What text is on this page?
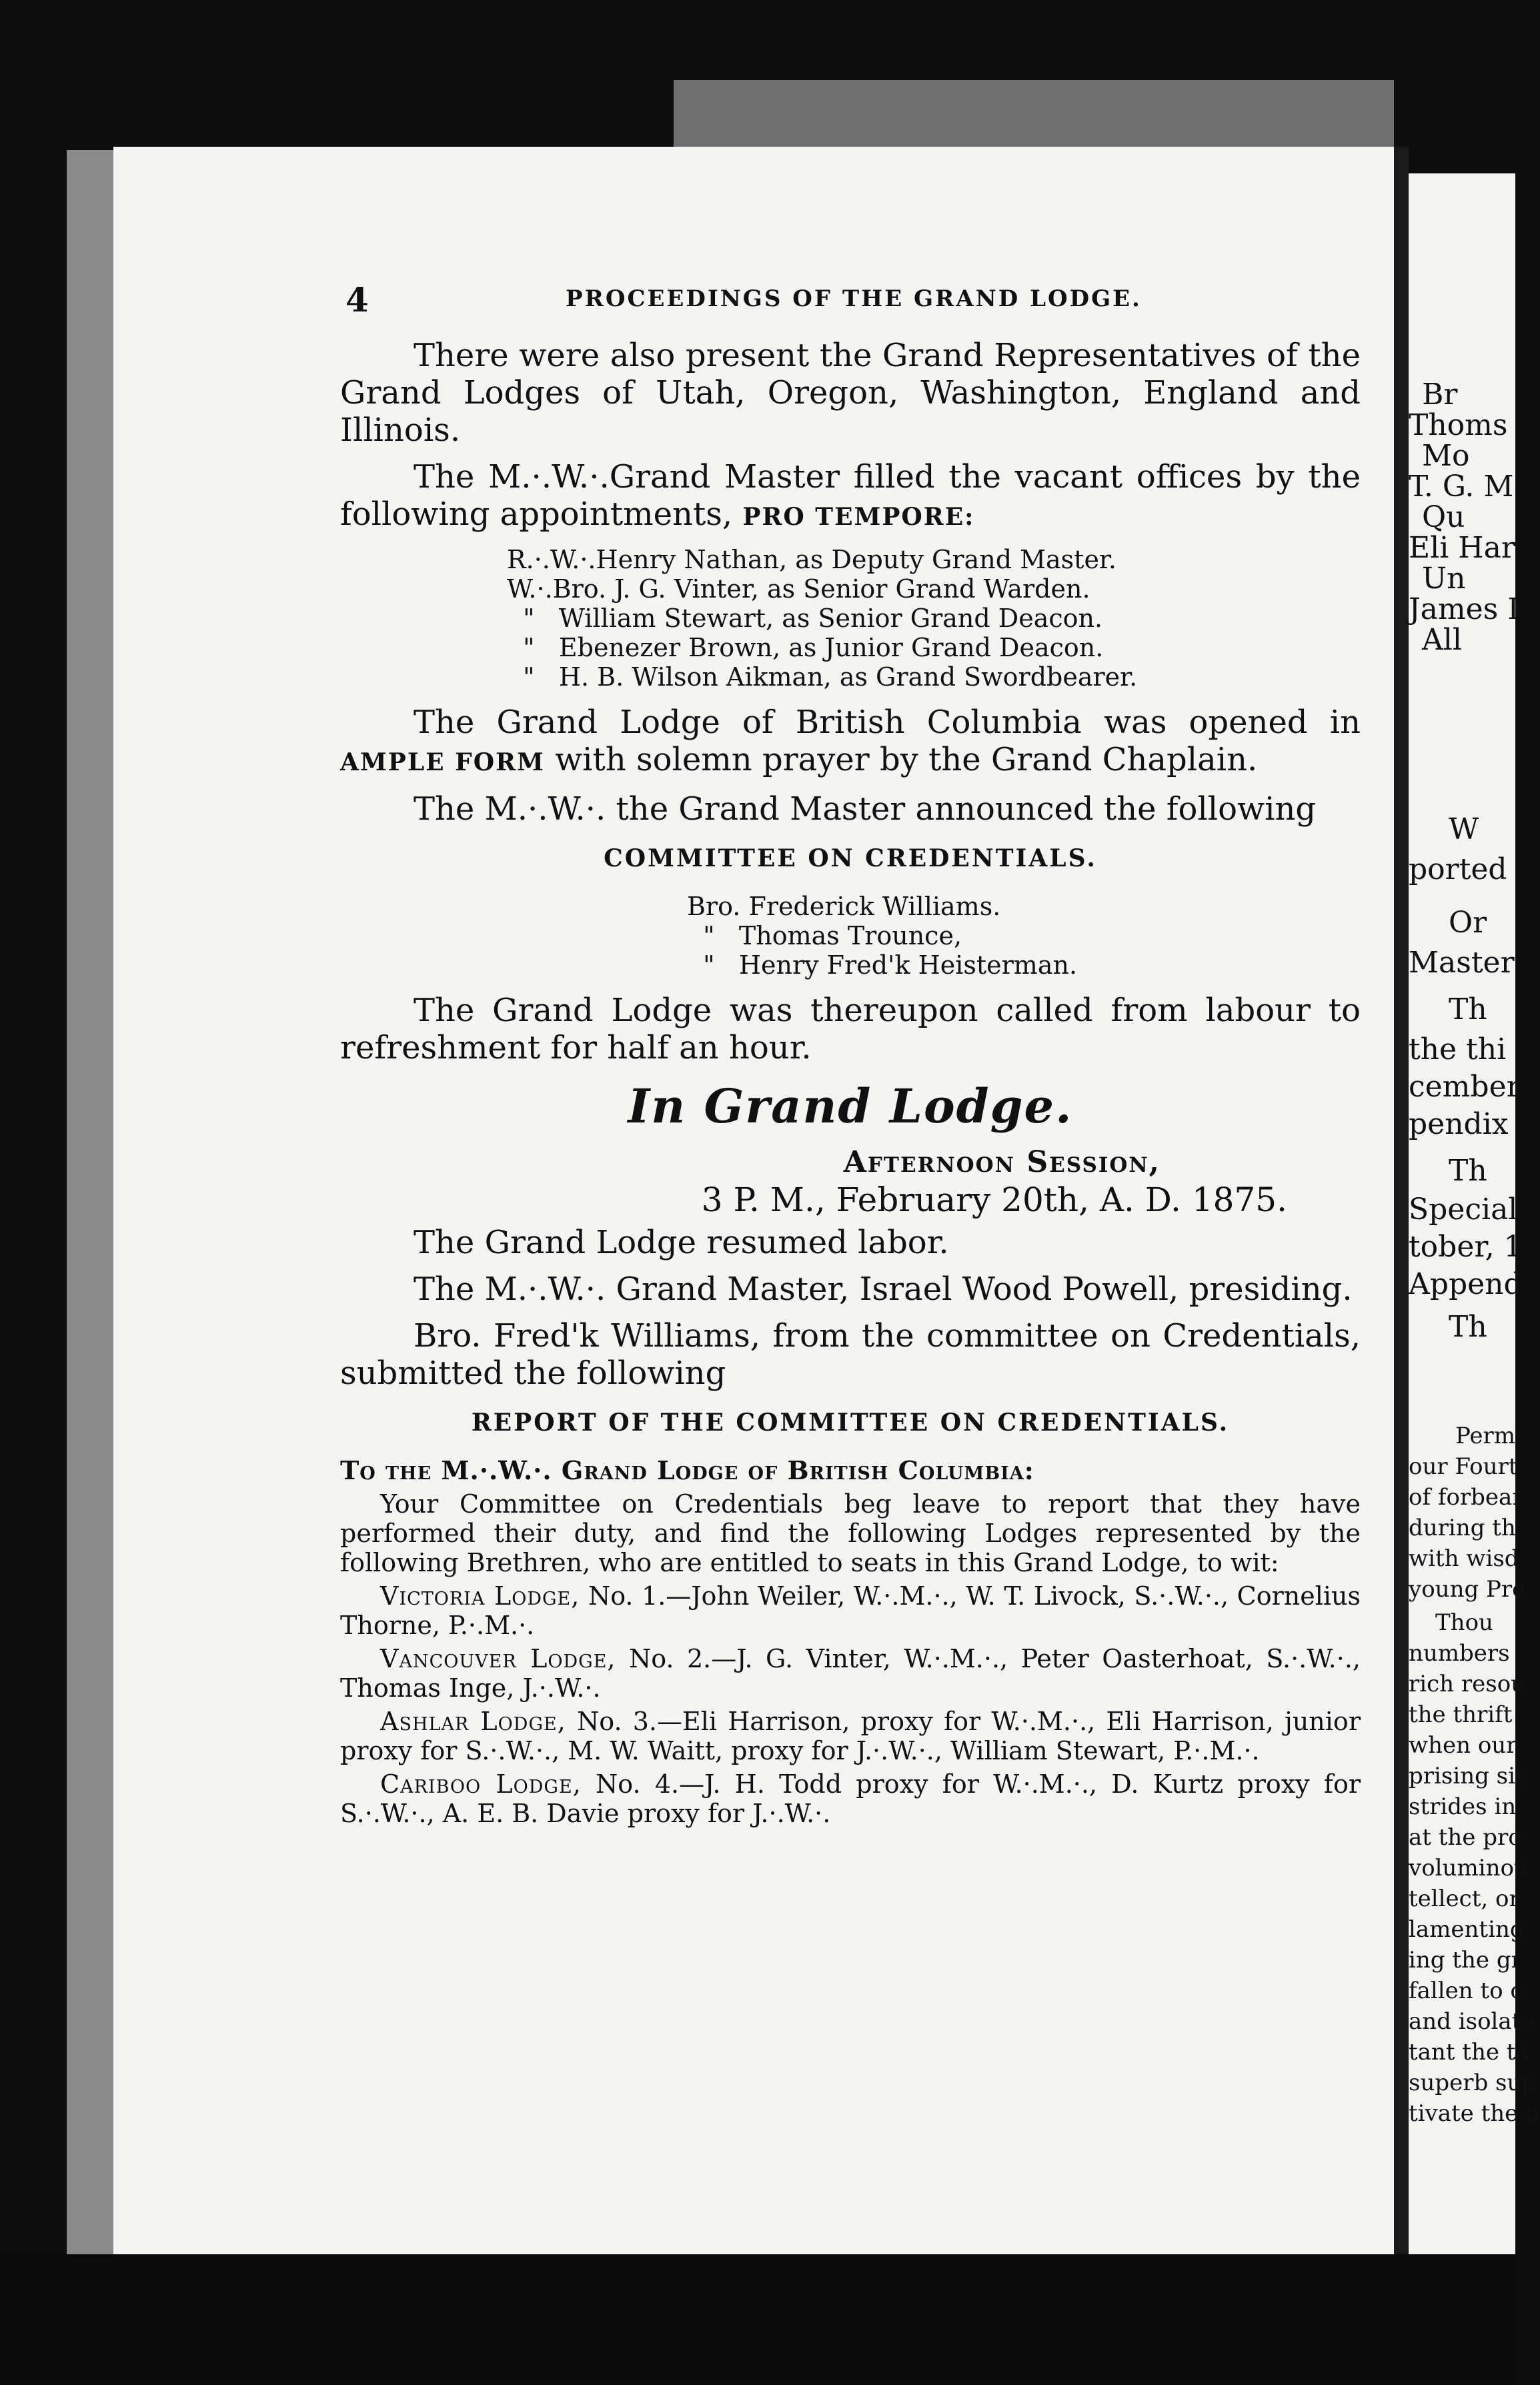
4	PROCEEDINGS OF THE GRAND LODGE.

There were also present the Grand Representatives of the Grand Lodges of Utah, Oregon, Washington, England and Illinois.

The M.·.W.·.Grand Master filled the vacant offices by the following appointments, PRO TEMPORE:

R.·.W.·.Henry Nathan, as Deputy Grand Master.
W.·.Bro. J. G. Vinter, as Senior Grand Warden.
"   William Stewart, as Senior Grand Deacon.
"   Ebenezer Brown, as Junior Grand Deacon.
"   H. B. Wilson Aikman, as Grand Swordbearer.

The Grand Lodge of British Columbia was opened in AMPLE FORM with solemn prayer by the Grand Chaplain.

The M.·.W.·. the Grand Master announced the following

COMMITTEE ON CREDENTIALS.
Bro. Frederick Williams.
"   Thomas Trounce,
"   Henry Fred'k Heisterman.

The Grand Lodge was thereupon called from labour to refreshment for half an hour.

In Grand Lodge.
Afternoon Session,
3 P. M., February 20th, A. D. 1875.

The Grand Lodge resumed labor.

The M.·.W.·. Grand Master, Israel Wood Powell, presiding.

Bro. Fred'k Williams, from the committee on Credentials, submitted the following

REPORT OF THE COMMITTEE ON CREDENTIALS.

To the M.·.W.·. Grand Lodge of British Columbia:

Your Committee on Credentials beg leave to report that they have performed their duty, and find the following Lodges represented by the following Brethren, who are entitled to seats in this Grand Lodge, to wit:

Victoria Lodge, No. 1.—John Weiler, W.·.M.·., W. T. Livock, S.·.W.·., Cornelius Thorne, P.·.M.·.

Vancouver Lodge, No. 2.—J. G. Vinter, W.·.M.·., Peter Oasterhoat, S.·.W.·., Thomas Inge, J.·.W.·.

Ashlar Lodge, No. 3.—Eli Harrison, proxy for W.·.M.·., Eli Harrison, junior proxy for S.·.W.·., M. W. Waitt, proxy for J.·.W.·., William Stewart, P.·.M.·.

Cariboo Lodge, No. 4.—J. H. Todd proxy for W.·.M.·., D. Kurtz proxy for S.·.W.·., A. E. B. Davie proxy for J.·.W.·.

Br
Thoms
Mo
T. G. M
Qu
Eli Har
Un
James I
All
W
ported
Or
Master
Th
the thi
cember
pendix
Th
Special
tober, 1
Append
Th
Perm
our Fourt
of forbear
during th
with wisd
young Pro
Thou
numbers
rich resou
the thrift
when our
prising sis
strides in
at the pro
voluminou
tellect, or
lamenting
ing the gr
fallen to o
and isolate
tant the ta
superb sup
tivate the u
